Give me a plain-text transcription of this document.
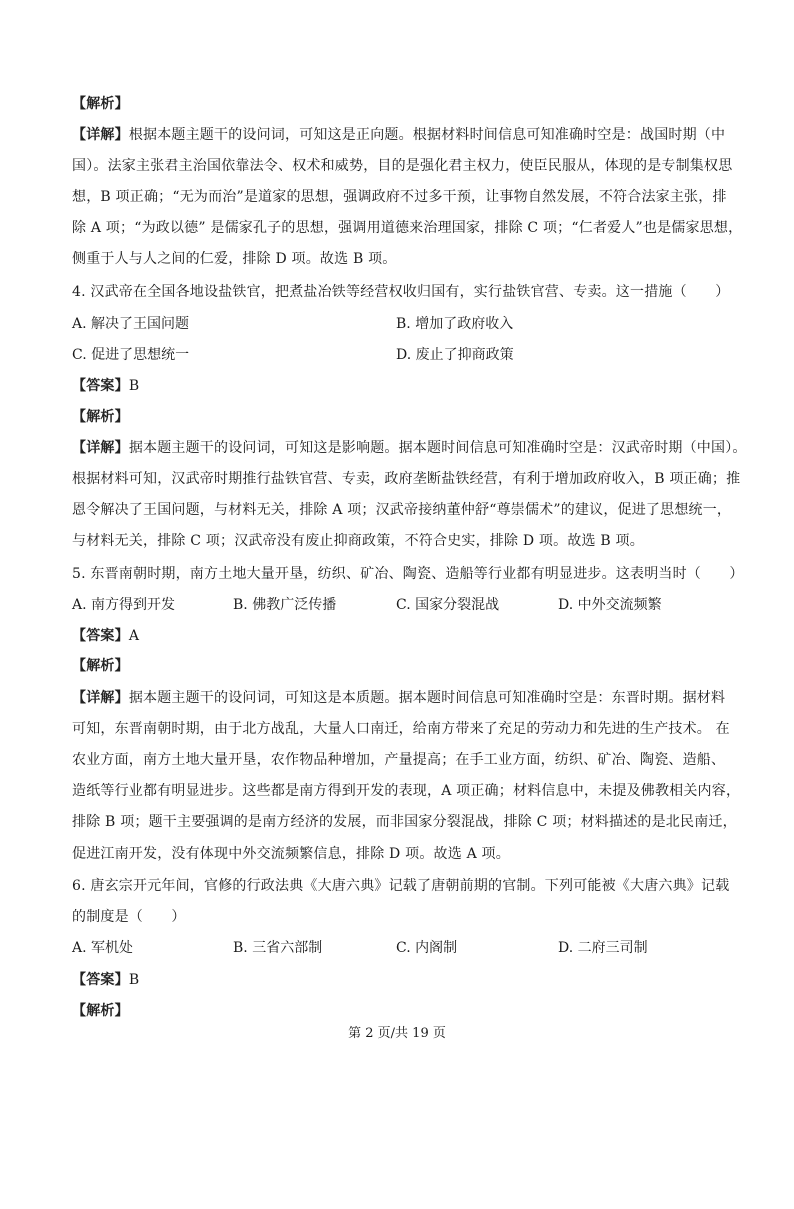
【解析】
【详解】根据本题主题干的设问词，可知这是正向题。根据材料时间信息可知准确时空是：战国时期（中
国）。法家主张君主治国依靠法令、权术和威势，目的是强化君主权力，使臣民服从，体现的是专制集权思
想，B 项正确；“无为而治”是道家的思想，强调政府不过多干预，让事物自然发展，不符合法家主张，排
除 A 项；“为政以德” 是儒家孔子的思想，强调用道德来治理国家，排除 C 项；“仁者爱人”也是儒家思想，
侧重于人与人之间的仁爱，排除 D 项。故选 B 项。
4. 汉武帝在全国各地设盐铁官，把煮盐冶铁等经营权收归国有，实行盐铁官营、专卖。这一措施（　　）
A. 解决了王国问题	B. 增加了政府收入
C. 促进了思想统一	D. 废止了抑商政策
【答案】B
【解析】
【详解】据本题主题干的设问词，可知这是影响题。据本题时间信息可知准确时空是：汉武帝时期（中国）。
根据材料可知，汉武帝时期推行盐铁官营、专卖，政府垄断盐铁经营，有利于增加政府收入，B 项正确；推
恩令解决了王国问题，与材料无关，排除 A 项；汉武帝接纳董仲舒“尊崇儒术”的建议，促进了思想统一，
与材料无关，排除 C 项；汉武帝没有废止抑商政策，不符合史实，排除 D 项。故选 B 项。
5. 东晋南朝时期，南方土地大量开垦，纺织、矿冶、陶瓷、造船等行业都有明显进步。这表明当时（　　）
A. 南方得到开发	B. 佛教广泛传播	C. 国家分裂混战	D. 中外交流频繁
【答案】A
【解析】
【详解】据本题主题干的设问词，可知这是本质题。据本题时间信息可知准确时空是：东晋时期。据材料
可知，东晋南朝时期，由于北方战乱，大量人口南迁，给南方带来了充足的劳动力和先进的生产技术。 在
农业方面，南方土地大量开垦，农作物品种增加，产量提高；在手工业方面，纺织、矿冶、陶瓷、造船、
造纸等行业都有明显进步。这些都是南方得到开发的表现，A 项正确；材料信息中，未提及佛教相关内容，
排除 B 项；题干主要强调的是南方经济的发展，而非国家分裂混战，排除 C 项；材料描述的是北民南迁，
促进江南开发，没有体现中外交流频繁信息，排除 D 项。故选 A 项。
6. 唐玄宗开元年间，官修的行政法典《大唐六典》记载了唐朝前期的官制。下列可能被《大唐六典》记载
的制度是（　　）
A. 军机处	B. 三省六部制	C. 内阁制	D. 二府三司制
【答案】B
【解析】
第 2 页/共 19 页
